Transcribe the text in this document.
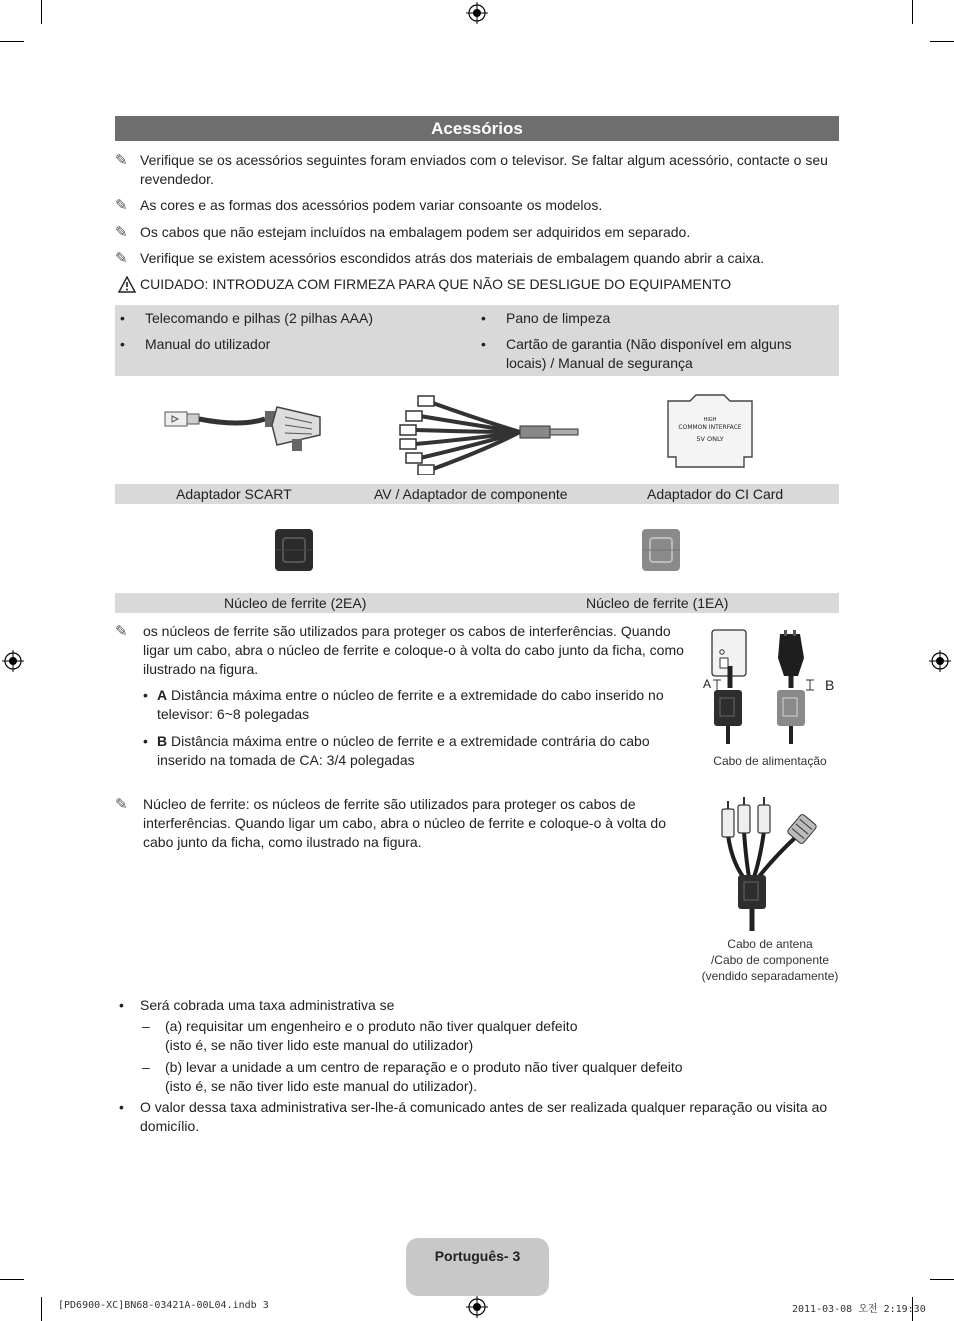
Acessórios
✎ Verifique se os acessórios seguintes foram enviados com o televisor. Se faltar algum acessório, contacte o seu revendedor.
✎ As cores e as formas dos acessórios podem variar consoante os modelos.
✎ Os cabos que não estejam incluídos na embalagem podem ser adquiridos em separado.
✎ Verifique se existem acessórios escondidos atrás dos materiais de embalagem quando abrir a caixa.
CUIDADO: INTRODUZA COM FIRMEZA PARA QUE NÃO SE DESLIGUE DO EQUIPAMENTO
• Telecomando e pilhas (2 pilhas AAA)
• Manual do utilizador
• Pano de limpeza
• Cartão de garantia (Não disponível em alguns locais) / Manual de segurança
HIGH
COMMON INTERFACE
5V ONLY
Adaptador SCART	AV / Adaptador de componente	Adaptador do CI Card
Núcleo de ferrite (2EA)	Núcleo de ferrite (1EA)
✎	os núcleos de ferrite são utilizados para proteger os cabos de interferências. Quando ligar um cabo, abra o núcleo de ferrite e coloque-o à volta do cabo junto da ficha, como ilustrado na figura.
• A Distância máxima entre o núcleo de ferrite e a extremidade do cabo inserido no televisor: 6~8 polegadas
• B Distância máxima entre o núcleo de ferrite e a extremidade contrária do cabo inserido na tomada de CA: 3/4 polegadas
A	B
Cabo de alimentação
✎	Núcleo de ferrite: os núcleos de ferrite são utilizados para proteger os cabos de interferências. Quando ligar um cabo, abra o núcleo de ferrite e coloque-o à volta do cabo junto da ficha, como ilustrado na figura.
Cabo de antena
/Cabo de componente
(vendido separadamente)
• Será cobrada uma taxa administrativa se
– (a) requisitar um engenheiro e o produto não tiver qualquer defeito
(isto é, se não tiver lido este manual do utilizador)
– (b) levar a unidade a um centro de reparação e o produto não tiver qualquer defeito
(isto é, se não tiver lido este manual do utilizador).
• O valor dessa taxa administrativa ser-lhe-á comunicado antes de ser realizada qualquer reparação ou visita ao domicílio.
Português- 3
[PD6900-XC]BN68-03421A-00L04.indb 3	2011-03-08 오전 2:19:30
